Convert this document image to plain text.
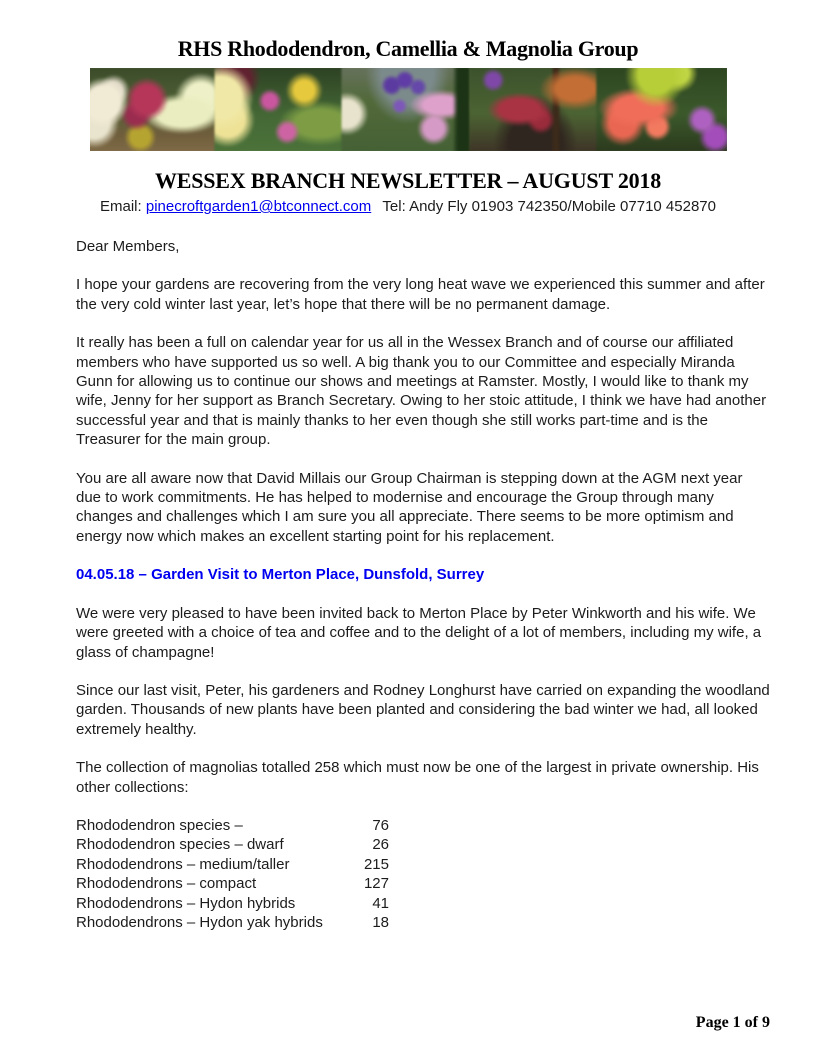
RHS Rhododendron, Camellia & Magnolia Group
WESSEX BRANCH NEWSLETTER – AUGUST 2018
Email: pinecroftgarden1@btconnect.com Tel: Andy Fly 01903 742350/Mobile 07710 452870

Dear Members,

I hope your gardens are recovering from the very long heat wave we experienced this summer and after the very cold winter last year, let’s hope that there will be no permanent damage.

It really has been a full on calendar year for us all in the Wessex Branch and of course our affiliated members who have supported us so well. A big thank you to our Committee and especially Miranda Gunn for allowing us to continue our shows and meetings at Ramster. Mostly, I would like to thank my wife, Jenny for her support as Branch Secretary. Owing to her stoic attitude, I think we have had another successful year and that is mainly thanks to her even though she still works part-time and is the Treasurer for the main group.

You are all aware now that David Millais our Group Chairman is stepping down at the AGM next year due to work commitments. He has helped to modernise and encourage the Group through many changes and challenges which I am sure you all appreciate. There seems to be more optimism and energy now which makes an excellent starting point for his replacement.

04.05.18 – Garden Visit to Merton Place, Dunsfold, Surrey

We were very pleased to have been invited back to Merton Place by Peter Winkworth and his wife. We were greeted with a choice of tea and coffee and to the delight of a lot of members, including my wife, a glass of champagne!

Since our last visit, Peter, his gardeners and Rodney Longhurst have carried on expanding the woodland garden. Thousands of new plants have been planted and considering the bad winter we had, all looked extremely healthy.

The collection of magnolias totalled 258 which must now be one of the largest in private ownership. His other collections:

Rhododendron species –	76
Rhododendron species – dwarf	26
Rhododendrons – medium/taller	215
Rhododendrons – compact	127
Rhododendrons – Hydon hybrids	41
Rhododendrons – Hydon yak hybrids	18
Page 1 of 9
